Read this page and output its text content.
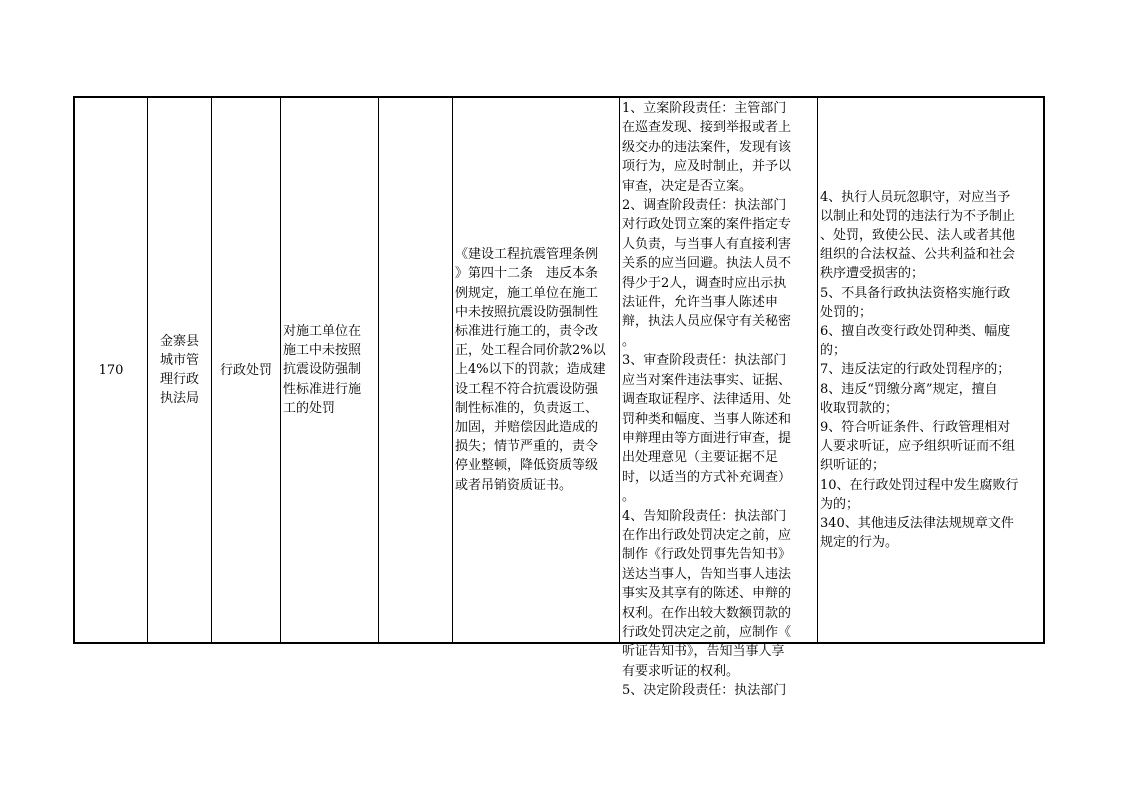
170
金寨县
城市管
理行政
执法局
行政处罚
对施工单位在
施工中未按照
抗震设防强制
性标准进行施
工的处罚
《建设工程抗震管理条例
》第四十二条　违反本条
例规定，施工单位在施工
中未按照抗震设防强制性
标准进行施工的，责令改
正，处工程合同价款2%以
上4%以下的罚款；造成建
设工程不符合抗震设防强
制性标准的，负责返工、
加固，并赔偿因此造成的
损失；情节严重的，责令
停业整顿，降低资质等级
或者吊销资质证书。
1、立案阶段责任：主管部门
在巡查发现、接到举报或者上
级交办的违法案件，发现有该
项行为，应及时制止，并予以
审查，决定是否立案。
2、调查阶段责任：执法部门
对行政处罚立案的案件指定专
人负责，与当事人有直接利害
关系的应当回避。执法人员不
得少于2人，调查时应出示执
法证件，允许当事人陈述申
辩，执法人员应保守有关秘密
。
3、审查阶段责任：执法部门
应当对案件违法事实、证据、
调查取证程序、法律适用、处
罚种类和幅度、当事人陈述和
申辩理由等方面进行审查，提
出处理意见（主要证据不足
时，以适当的方式补充调查）
。
4、告知阶段责任：执法部门
在作出行政处罚决定之前，应
制作《行政处罚事先告知书》
送达当事人，告知当事人违法
事实及其享有的陈述、申辩的
权利。在作出较大数额罚款的
行政处罚决定之前，应制作《
听证告知书》，告知当事人享
有要求听证的权利。
5、决定阶段责任：执法部门
4、执行人员玩忽职守，对应当予
以制止和处罚的违法行为不予制止
、处罚，致使公民、法人或者其他
组织的合法权益、公共利益和社会
秩序遭受损害的；
5、不具备行政执法资格实施行政
处罚的；
6、擅自改变行政处罚种类、幅度
的；
7、违反法定的行政处罚程序的；
8、违反“罚缴分离”规定，擅自
收取罚款的；
9、符合听证条件、行政管理相对
人要求听证，应予组织听证而不组
织听证的；
10、在行政处罚过程中发生腐败行
为的；
340、其他违反法律法规规章文件
规定的行为。
